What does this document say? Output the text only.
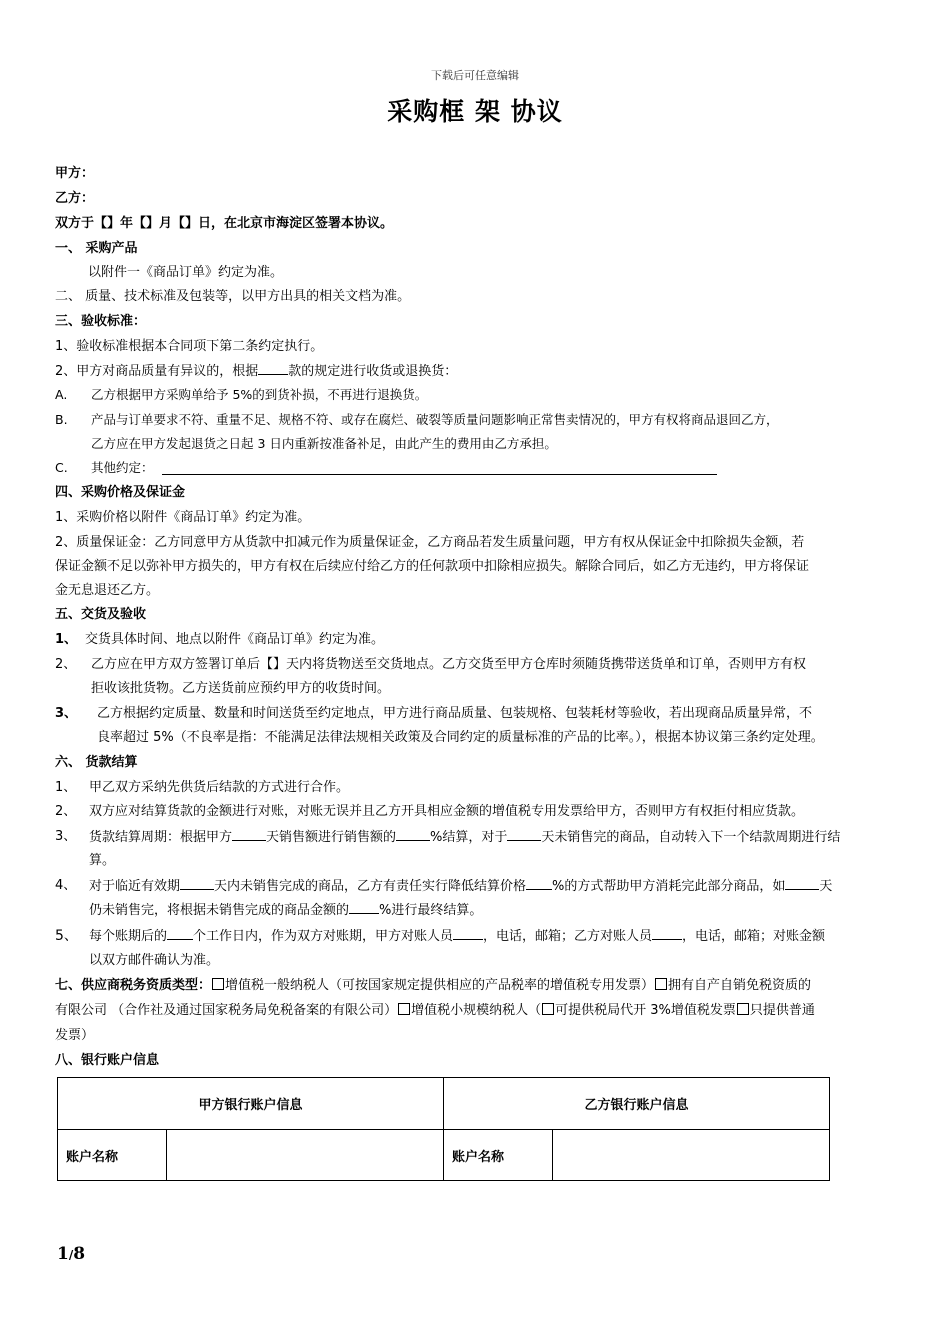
下载后可任意编辑
采购框 架 协议
甲方：
乙方：
双方于【】年【】月【】日，在北京市海淀区签署本协议。
一、 采购产品
以附件一《商品订单》约定为准。
二、 质量、技术标准及包装等，以甲方出具的相关文档为准。
三、验收标准：
1、验收标准根据本合同项下第二条约定执行。
2、甲方对商品质量有异议的，根据 款的规定进行收货或退换货：
A. 乙方根据甲方采购单给予 5%的到货补损，不再进行退换货。
B. 产品与订单要求不符、重量不足、规格不符、或存在腐烂、破裂等质量问题影响正常售卖情况的，甲方有权将商品退回乙方，
乙方应在甲方发起退货之日起 3 日内重新按准备补足，由此产生的费用由乙方承担。
C. 其他约定：
四、采购价格及保证金
1、采购价格以附件《商品订单》约定为准。
2、质量保证金：乙方同意甲方从货款中扣减元作为质量保证金，乙方商品若发生质量问题，甲方有权从保证金中扣除损失金额，若
保证金额不足以弥补甲方损失的，甲方有权在后续应付给乙方的任何款项中扣除相应损失。解除合同后，如乙方无违约，甲方将保证
金无息退还乙方。
五、交货及验收
1、 交货具体时间、地点以附件《商品订单》约定为准。
2、 乙方应在甲方双方签署订单后【】天内将货物送至交货地点。乙方交货至甲方仓库时须随货携带送货单和订单，否则甲方有权
拒收该批货物。乙方送货前应预约甲方的收货时间。
3、 乙方根据约定质量、数量和时间送货至约定地点，甲方进行商品质量、包装规格、包装耗材等验收，若出现商品质量异常，不
良率超过 5%（不良率是指：不能满足法律法规相关政策及合同约定的质量标准的产品的比率。），根据本协议第三条约定处理。
六、 货款结算
1、 甲乙双方采纳先供货后结款的方式进行合作。
2、 双方应对结算货款的金额进行对账，对账无误并且乙方开具相应金额的增值税专用发票给甲方，否则甲方有权拒付相应货款。
3、 货款结算周期：根据甲方	天销售额进行销售额的	%结算，对于	天未销售完的商品，自动转入下一个结款周期进行结
算。
4、 对于临近有效期	天内未销售完成的商品，乙方有责任实行降低结算价格 %的方式帮助甲方消耗完此部分商品，如	天
仍未销售完，将根据未销售完成的商品金额的 %进行最终结算。
5、 每个账期后的 个工作日内，作为双方对账期，甲方对账人员 ，电话，邮箱；乙方对账人员 ，电话，邮箱；对账金额
以双方邮件确认为准。
七、供应商税务资质类型： 增值税一般纳税人（可按国家规定提供相应的产品税率的增值税专用发票） 拥有自产自销免税资质的
有限公司 （合作社及通过国家税务局免税备案的有限公司） 增值税小规模纳税人（ 可提供税局代开 3%增值税发票 只提供普通
发票）
八、银行账户信息
甲方银行账户信息		乙方银行账户信息	
账户名称		账户名称	
1/8
